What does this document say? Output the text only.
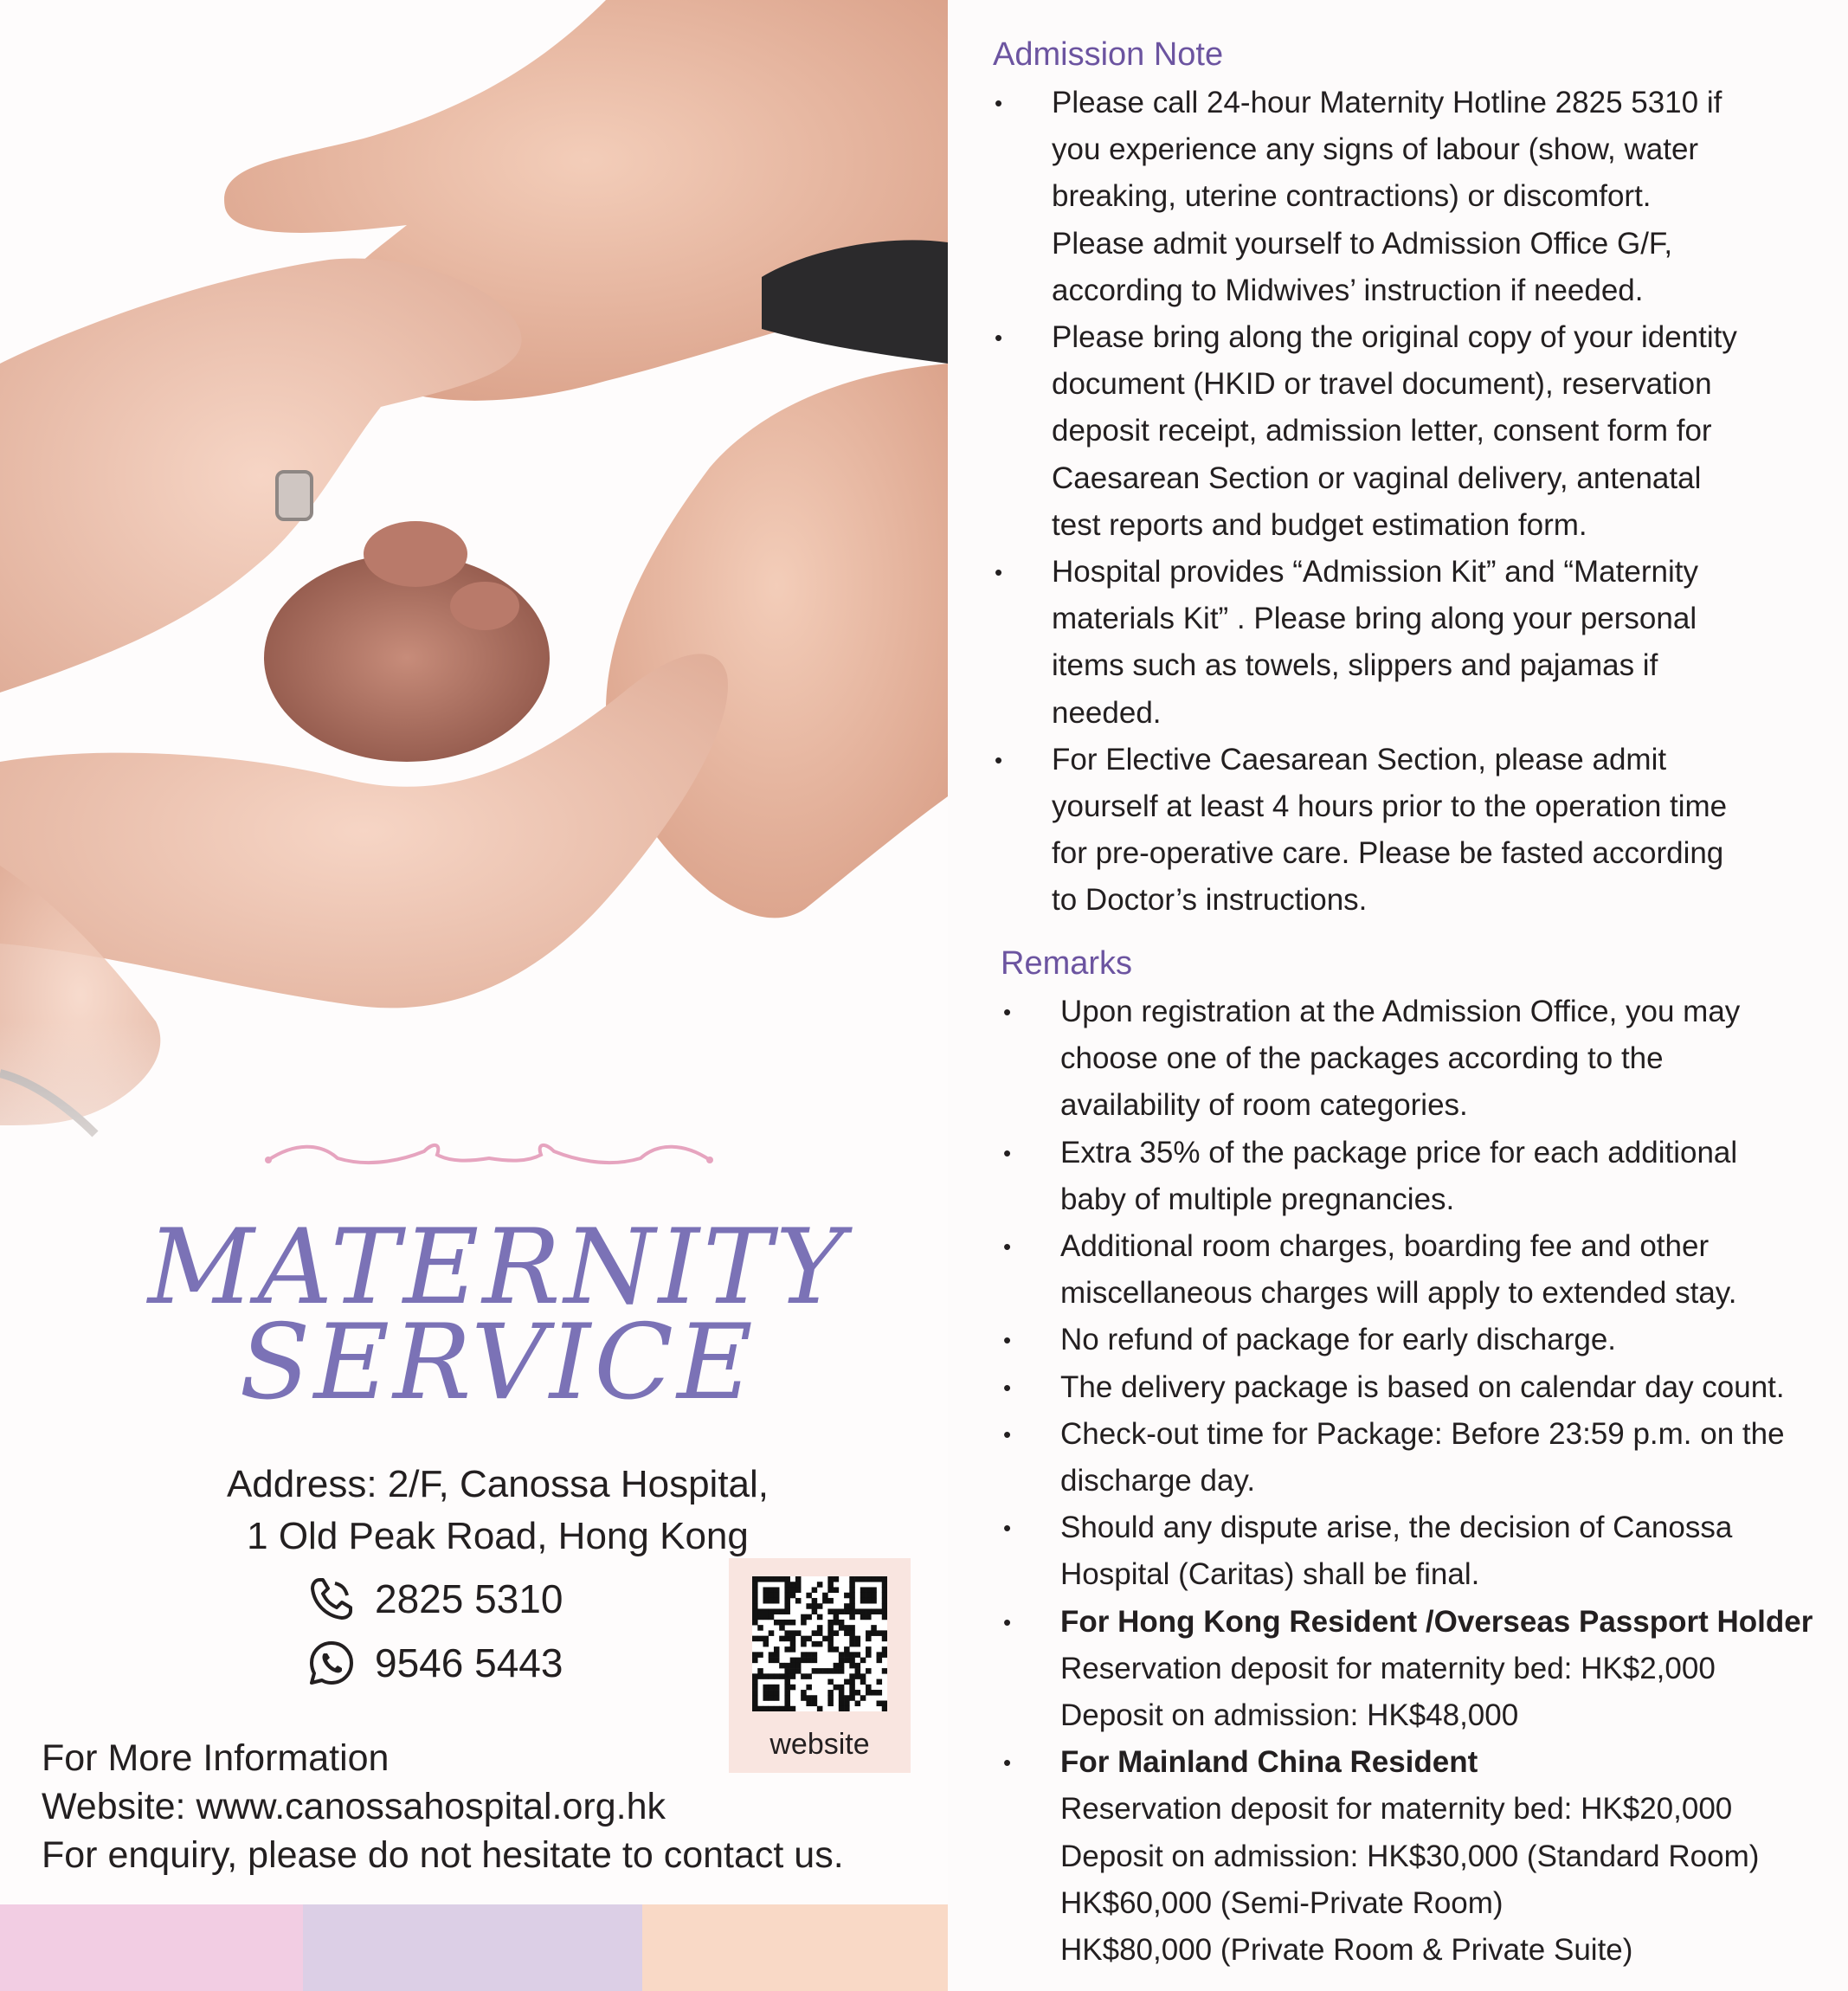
MATERNITY
SERVICE
Address: 2/F, Canossa Hospital,
1 Old Peak Road, Hong Kong
2825 5310
9546 5443
website
For More Information
Website: www.canossahospital.org.hk
For enquiry, please do not hesitate to contact us.
Admission Note
• Please call 24-hour Maternity Hotline 2825 5310 if
you experience any signs of labour (show, water
breaking, uterine contractions) or discomfort.
Please admit yourself to Admission Office G/F,
according to Midwives’ instruction if needed.
• Please bring along the original copy of your identity
document (HKID or travel document), reservation
deposit receipt, admission letter, consent form for
Caesarean Section or vaginal delivery, antenatal
test reports and budget estimation form.
• Hospital provides “Admission Kit” and “Maternity
materials Kit” . Please bring along your personal
items such as towels, slippers and pajamas if
needed.
• For Elective Caesarean Section, please admit
yourself at least 4 hours prior to the operation time
for pre-operative care. Please be fasted according
to Doctor’s instructions.
Remarks
• Upon registration at the Admission Office, you may
choose one of the packages according to the
availability of room categories.
• Extra 35% of the package price for each additional
baby of multiple pregnancies.
• Additional room charges, boarding fee and other
miscellaneous charges will apply to extended stay.
• No refund of package for early discharge.
• The delivery package is based on calendar day count.
• Check-out time for Package: Before 23:59 p.m. on the
discharge day.
• Should any dispute arise, the decision of Canossa
Hospital (Caritas) shall be final.
• For Hong Kong Resident /Overseas Passport Holder
Reservation deposit for maternity bed: HK$2,000
Deposit on admission: HK$48,000
• For Mainland China Resident
Reservation deposit for maternity bed: HK$20,000
Deposit on admission: HK$30,000 (Standard Room)
HK$60,000 (Semi-Private Room)
HK$80,000 (Private Room & Private Suite)
